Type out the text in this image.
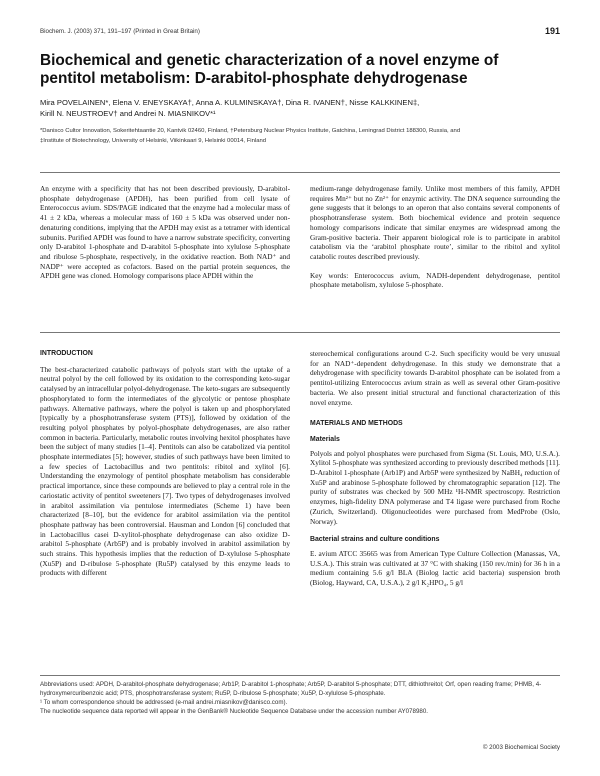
Biochem. J. (2003) 371, 191–197 (Printed in Great Britain)	191
Biochemical and genetic characterization of a novel enzyme of pentitol metabolism: D-arabitol-phosphate dehydrogenase
Mira POVELAINEN*, Elena V. ENEYSKAYA†, Anna A. KULMINSKAYA†, Dina R. IVANEN†, Nisse KALKKINEN‡,
Kirill N. NEUSTROEV† and Andrei N. MIASNIKOV*¹
*Danisco Cultor Innovation, Sokeritehtaantie 20, Kantvik 02460, Finland, †Petersburg Nuclear Physics Institute, Gatchina, Leningrad District 188300, Russia, and
‡Institute of Biotechnology, University of Helsinki, Viikinkaari 9, Helsinki 00014, Finland

An enzyme with a specificity that has not been described previously, D-arabitol-phosphate dehydrogenase (APDH), has been purified from cell lysate of Enterococcus avium. SDS/PAGE indicated that the enzyme had a molecular mass of 41 ± 2 kDa, whereas a molecular mass of 160 ± 5 kDa was observed under non-denaturing conditions, implying that the APDH may exist as a tetramer with identical subunits. Purified APDH was found to have a narrow substrate specificity, converting only D-arabitol 1-phosphate and D-arabitol 5-phosphate into xylulose 5-phosphate and ribulose 5-phosphate, respectively, in the oxidative reaction. Both NAD⁺ and NADP⁺ were accepted as cofactors. Based on the partial protein sequences, the APDH gene was cloned. Homology comparisons place APDH within the

medium-range dehydrogenase family. Unlike most members of this family, APDH requires Mn²⁺ but no Zn²⁺ for enzymic activity. The DNA sequence surrounding the gene suggests that it belongs to an operon that also contains several components of phosphotransferase system. Both biochemical evidence and protein sequence homology comparisons indicate that similar enzymes are widespread among the Gram-positive bacteria. Their apparent biological role is to participate in arabitol catabolism via the ‘arabitol phosphate route’, similar to the ribitol and xylitol catabolic routes described previously.

Key words: Enterococcus avium, NADH-dependent dehydrogenase, pentitol phosphate metabolism, xylulose 5-phosphate.

INTRODUCTION

The best-characterized catabolic pathways of polyols start with the uptake of a neutral polyol by the cell followed by its oxidation to the corresponding keto-sugar catalysed by an intracellular polyol-dehydrogenase. The keto-sugars are subsequently phosphorylated to form the intermediates of the glycolytic or pentose phosphate pathways. Alternative pathways, where the polyol is taken up and phosphorylated [typically by a phosphotransferase system (PTS)], followed by oxidation of the resulting polyol phosphates by polyol-phosphate dehydrogenases, are also rather common in bacteria. Particularly, metabolic routes involving hexitol phosphates have been the subject of many studies [1–4]. Pentitols can also be catabolized via pentitol phosphate intermediates [5]; however, studies of such pathways have been limited to a few species of Lactobacillus and two pentitols: ribitol and xylitol [6]. Understanding the enzymology of pentitol phosphate metabolism has considerable practical importance, since these compounds are believed to play a central role in the cariostatic activity of pentitol sweeteners [7]. Two types of dehydrogenases involved in arabitol assimilation via pentulose intermediates (Scheme 1) have been characterized [8–10], but the evidence for arabitol assimilation via the pentitol phosphate pathway has been controversial. Hausman and London [6] concluded that in Lactobacillus casei D-xylitol-phosphate dehydrogenase can also oxidize D-arabitol 5-phosphate (Arb5P) and is probably involved in arabitol assimilation by such strains. This hypothesis implies that the reduction of D-xylulose 5-phosphate (Xu5P) and D-ribulose 5-phosphate (Ru5P) catalysed by this enzyme leads to products with different

stereochemical configurations around C-2. Such specificity would be very unusual for an NAD⁺-dependent dehydrogenase. In this study we demonstrate that a dehydrogenase with specificity towards D-arabitol phosphate can be isolated from a pentitol-utilizing Enterococcus avium strain as well as several other Gram-positive bacteria. We also present initial structural and functional characterization of this novel enzyme.

MATERIALS AND METHODS
Materials

Polyols and polyol phosphates were purchased from Sigma (St. Louis, MO, U.S.A.). Xylitol 5-phosphate was synthesized according to previously described methods [11]. D-Arabitol 1-phosphate (Arb1P) and Arb5P were synthesized by NaBH₄ reduction of Xu5P and arabinose 5-phosphate followed by chromatographic separation [12]. The purity of substrates was checked by 500 MHz ¹H-NMR spectroscopy. Restriction enzymes, high-fidelity DNA polymerase and T4 ligase were purchased from Roche (Zurich, Switzerland). Oligonucleotides were purchased from MedProbe (Oslo, Norway).

Bacterial strains and culture conditions

E. avium ATCC 35665 was from American Type Culture Collection (Manassas, VA, U.S.A.). This strain was cultivated at 37 °C with shaking (150 rev./min) for 36 h in a medium containing 5.6 g/l BLA (Biolog lactic acid bacteria) suspension broth (Biolog, Hayward, CA, U.S.A.), 2 g/l K₂HPO₄, 5 g/l

Abbreviations used: APDH, D-arabitol-phosphate dehydrogenase; Arb1P, D-arabitol 1-phosphate; Arb5P, D-arabitol 5-phosphate; DTT, dithiothreitol; Orf, open reading frame; PHMB, 4-hydroxymercuribenzoic acid; PTS, phosphotransferase system; Ru5P, D-ribulose 5-phosphate; Xu5P, D-xylulose 5-phosphate.

¹ To whom correspondence should be addressed (e-mail andrei.miasnikov@danisco.com).

The nucleotide sequence data reported will appear in the GenBank® Nucleotide Sequence Database under the accession number AY078980.

© 2003 Biochemical Society
